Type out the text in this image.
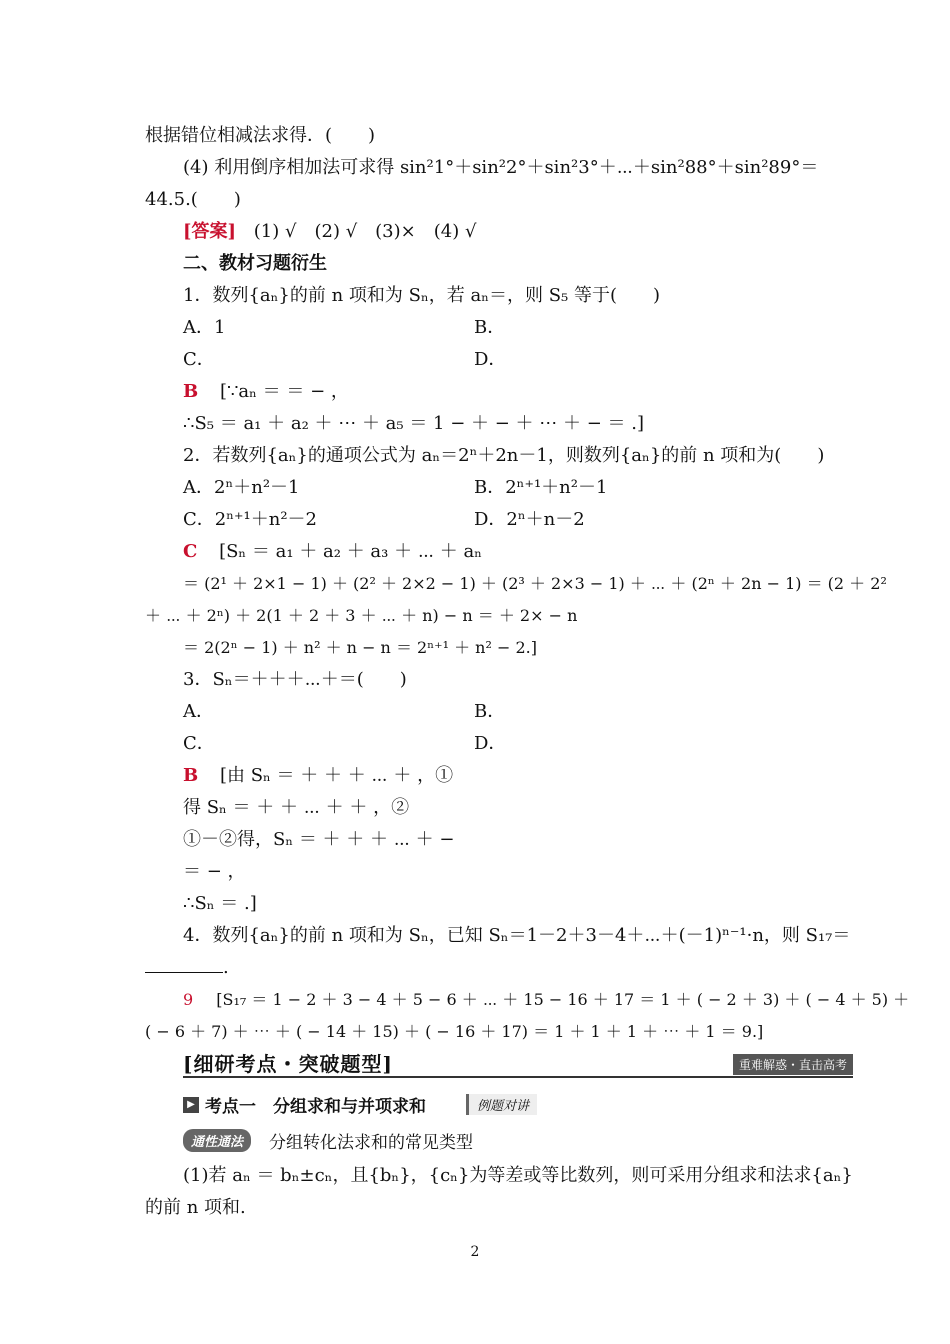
根据错位相减法求得．(　　)
(4) 利用倒序相加法可求得 sin²1°＋sin²2°＋sin²3°＋⋯＋sin²88°＋sin²89°＝
44.5.(　　)
[答案] (1) √　(2) √　(3)×　(4) √
二、教材习题衍生
1．数列{aₙ}的前 n 项和为 Sₙ，若 aₙ＝，则 S₅ 等于(　　)
A．1	B．
C．	D．
B [∵aₙ ＝ ＝ − ，
∴S₅ ＝ a₁ ＋ a₂ ＋ ⋯ ＋ a₅ ＝ 1 − ＋ − ＋ ⋯ ＋ − ＝ .]
2．若数列{aₙ}的通项公式为 aₙ＝2ⁿ＋2n－1，则数列{aₙ}的前 n 项和为(　　)
A．2ⁿ＋n²－1	B．2ⁿ⁺¹＋n²－1
C．2ⁿ⁺¹＋n²－2	D．2ⁿ＋n－2
C [Sₙ ＝ a₁ ＋ a₂ ＋ a₃ ＋ ⋯ ＋ aₙ
＝ (2¹ ＋ 2×1 − 1) ＋ (2² ＋ 2×2 − 1) ＋ (2³ ＋ 2×3 − 1) ＋ ⋯ ＋ (2ⁿ ＋ 2n − 1) ＝ (2 ＋ 2²
＋ ⋯ ＋ 2ⁿ) ＋ 2(1 ＋ 2 ＋ 3 ＋ ⋯ ＋ n) − n ＝ ＋ 2× − n
＝ 2(2ⁿ − 1) ＋ n² ＋ n − n ＝ 2ⁿ⁺¹ ＋ n² − 2.]
3．Sₙ＝＋＋＋⋯＋＝(　　)
A．	B．
C．	D．
B [由 Sₙ ＝ ＋ ＋ ＋ ⋯ ＋ ，①
得 Sₙ ＝ ＋ ＋ ⋯ ＋ ＋ ，②
①－②得，Sₙ ＝ ＋ ＋ ＋ ⋯ ＋ −
＝ − ，
∴Sₙ ＝ .]
4．数列{aₙ}的前 n 项和为 Sₙ，已知 Sₙ＝1－2＋3－4＋⋯＋(－1)ⁿ⁻¹·n，则 S₁₇＝
.
9 [S₁₇ ＝ 1 − 2 ＋ 3 − 4 ＋ 5 − 6 ＋ ⋯ ＋ 15 − 16 ＋ 17 ＝ 1 ＋ ( − 2 ＋ 3) ＋ ( − 4 ＋ 5) ＋
( − 6 ＋ 7) ＋ ⋯ ＋ ( − 14 ＋ 15) ＋ ( − 16 ＋ 17) ＝ 1 ＋ 1 ＋ 1 ＋ ⋯ ＋ 1 ＝ 9.]
[细研考点・突破题型]	重难解惑・直击高考
▶ 考点一　分组求和与并项求和	例题对讲
通性通法	分组转化法求和的常见类型
(1)若 aₙ ＝ bₙ±cₙ，且{bₙ}，{cₙ}为等差或等比数列，则可采用分组求和法求{aₙ}
的前 n 项和.
2
